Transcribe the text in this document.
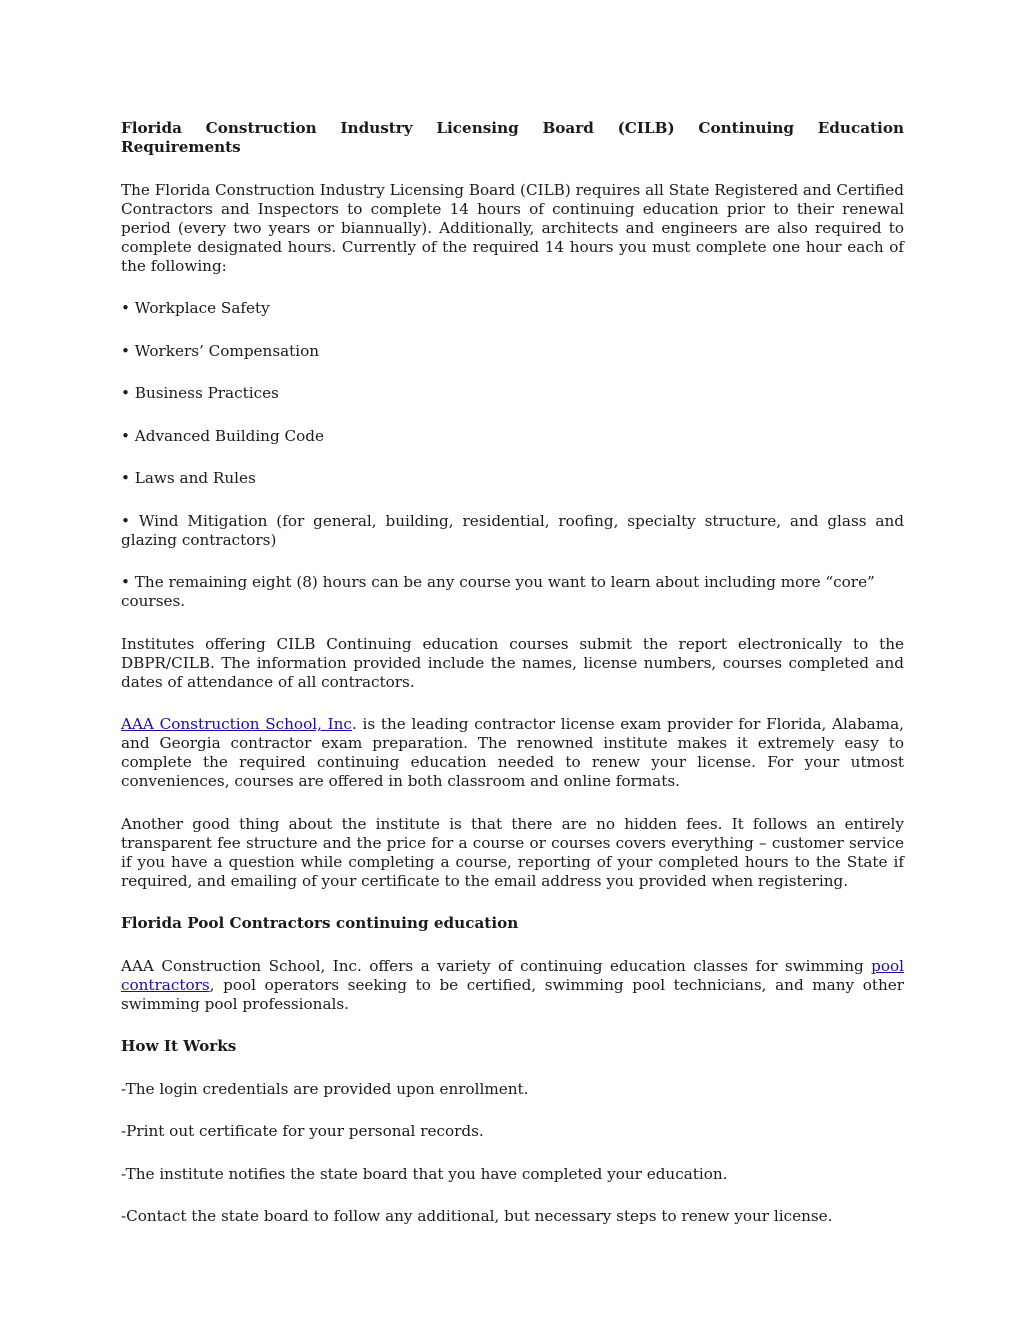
Florida Construction Industry Licensing Board (CILB) Continuing Education
Requirements

The Florida Construction Industry Licensing Board (CILB) requires all State Registered and Certified Contractors and Inspectors to complete 14 hours of continuing education prior to their renewal period (every two years or biannually). Additionally, architects and engineers are also required to complete designated hours. Currently of the required 14 hours you must complete one hour each of the following:

• Workplace Safety

• Workers’ Compensation

• Business Practices

• Advanced Building Code

• Laws and Rules

• Wind Mitigation (for general, building, residential, roofing, specialty structure, and glass and glazing contractors)

• The remaining eight (8) hours can be any course you want to learn about including more “core” courses.

Institutes offering CILB Continuing education courses submit the report electronically to the DBPR/CILB. The information provided include the names, license numbers, courses completed and dates of attendance of all contractors.

AAA Construction School, Inc. is the leading contractor license exam provider for Florida, Alabama, and Georgia contractor exam preparation. The renowned institute makes it extremely easy to complete the required continuing education needed to renew your license. For your utmost conveniences, courses are offered in both classroom and online formats.

Another good thing about the institute is that there are no hidden fees. It follows an entirely transparent fee structure and the price for a course or courses covers everything – customer service if you have a question while completing a course, reporting of your completed hours to the State if required, and emailing of your certificate to the email address you provided when registering.

Florida Pool Contractors continuing education

AAA Construction School, Inc. offers a variety of continuing education classes for swimming pool contractors, pool operators seeking to be certified, swimming pool technicians, and many other swimming pool professionals.

How It Works

-The login credentials are provided upon enrollment.

-Print out certificate for your personal records.

-The institute notifies the state board that you have completed your education.

-Contact the state board to follow any additional, but necessary steps to renew your license.
